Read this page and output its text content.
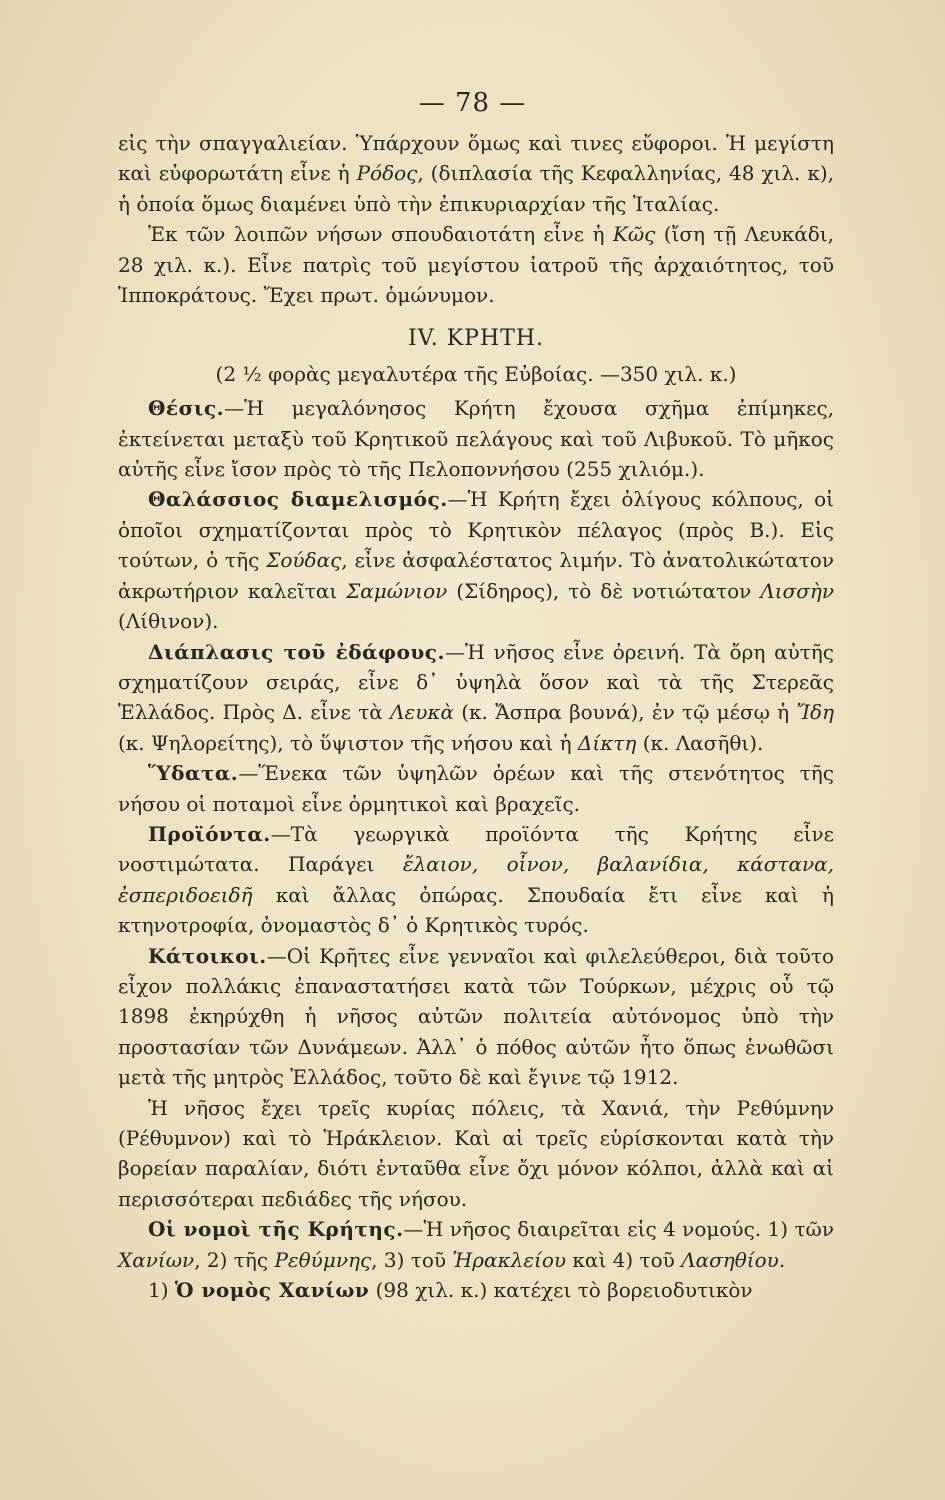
— 78 —

εἰς τὴν σπαγγαλιείαν. Ὑπάρχουν ὅμως καὶ τινες εὔφοροι. Ἡ μεγίστη καὶ εὐφορωτάτη εἶνε ἡ Ρόδος, (διπλασία τῆς Κεφαλληνίας, 48 χιλ. κ), ἡ ὁποία ὅμως διαμένει ὑπὸ τὴν ἐπικυριαρχίαν τῆς Ἰταλίας.

Ἐκ τῶν λοιπῶν νήσων σπουδαιοτάτη εἶνε ἡ Κῶς (ἴση τῇ Λευκάδι, 28 χιλ. κ.). Εἶνε πατρὶς τοῦ μεγίστου ἰατροῦ τῆς ἀρχαιότητος, τοῦ Ἱπποκράτους. Ἔχει πρωτ. ὁμώνυμον.

IV. ΚΡΗΤΗ.

(2 ½ φορὰς μεγαλυτέρα τῆς Εὐβοίας. —350 χιλ. κ.)

Θέσις.—Ἡ μεγαλόνησος Κρήτη ἔχουσα σχῆμα ἐπίμηκες, ἐκτείνεται μεταξὺ τοῦ Κρητικοῦ πελάγους καὶ τοῦ Λιβυκοῦ. Τὸ μῆκος αὐτῆς εἶνε ἴσον πρὸς τὸ τῆς Πελοποννήσου (255 χιλιόμ.).

Θαλάσσιος διαμελισμός.—Ἡ Κρήτη ἔχει ὀλίγους κόλπους, οἱ ὁποῖοι σχηματίζονται πρὸς τὸ Κρητικὸν πέλαγος (πρὸς Β.). Εἰς τούτων, ὁ τῆς Σούδας, εἶνε ἀσφαλέστατος λιμήν. Τὸ ἀνατολικώτατον ἀκρωτήριον καλεῖται Σαμώνιον (Σίδηρος), τὸ δὲ νοτιώτατον Λισσὴν (Λίθινον).

Διάπλασις τοῦ ἐδάφους.—Ἡ νῆσος εἶνε ὀρεινή. Τὰ ὄρη αὐτῆς σχηματίζουν σειράς, εἶνε δ᾽ ὑψηλὰ ὅσον καὶ τὰ τῆς Στερεᾶς Ἑλλάδος. Πρὸς Δ. εἶνε τὰ Λευκὰ (κ. Ἄσπρα βουνά), ἐν τῷ μέσῳ ἡ Ἴδη (κ. Ψηλορείτης), τὸ ὕψιστον τῆς νήσου καὶ ἡ Δίκτη (κ. Λασῆθι).

Ὕδατα.—Ἕνεκα τῶν ὑψηλῶν ὀρέων καὶ τῆς στενότητος τῆς νήσου οἱ ποταμοὶ εἶνε ὁρμητικοὶ καὶ βραχεῖς.

Προϊόντα.—Τὰ γεωργικὰ προϊόντα τῆς Κρήτης εἶνε νοστιμώτατα. Παράγει ἔλαιον, οἶνον, βαλανίδια, κάστανα, ἐσπεριδοειδῆ καὶ ἄλλας ὀπώρας. Σπουδαία ἔτι εἶνε καὶ ἡ κτηνοτροφία, ὀνομαστὸς δ᾽ ὁ Κρητικὸς τυρός.

Κάτοικοι.—Οἱ Κρῆτες εἶνε γενναῖοι καὶ φιλελεύθεροι, διὰ τοῦτο εἶχον πολλάκις ἐπαναστατήσει κατὰ τῶν Τούρκων, μέχρις οὗ τῷ 1898 ἐκηρύχθη ἡ νῆσος αὐτῶν πολιτεία αὐτόνομος ὑπὸ τὴν προστασίαν τῶν Δυνάμεων. Ἀλλ᾽ ὁ πόθος αὐτῶν ἦτο ὅπως ἑνωθῶσι μετὰ τῆς μητρὸς Ἑλλάδος, τοῦτο δὲ καὶ ἔγινε τῷ 1912.

Ἡ νῆσος ἔχει τρεῖς κυρίας πόλεις, τὰ Χανιά, τὴν Ρεθύμνην (Ρέθυμνον) καὶ τὸ Ἡράκλειον. Καὶ αἱ τρεῖς εὑρίσκονται κατὰ τὴν βορείαν παραλίαν, διότι ἐνταῦθα εἶνε ὄχι μόνον κόλποι, ἀλλὰ καὶ αἱ περισσότεραι πεδιάδες τῆς νήσου.

Οἱ νομοὶ τῆς Κρήτης.—Ἡ νῆσος διαιρεῖται εἰς 4 νομούς. 1) τῶν Χανίων, 2) τῆς Ρεθύμνης, 3) τοῦ Ἡρακλείου καὶ 4) τοῦ Λασηθίου.

1) Ὁ νομὸς Χανίων (98 χιλ. κ.) κατέχει τὸ βορειοδυτικὸν
